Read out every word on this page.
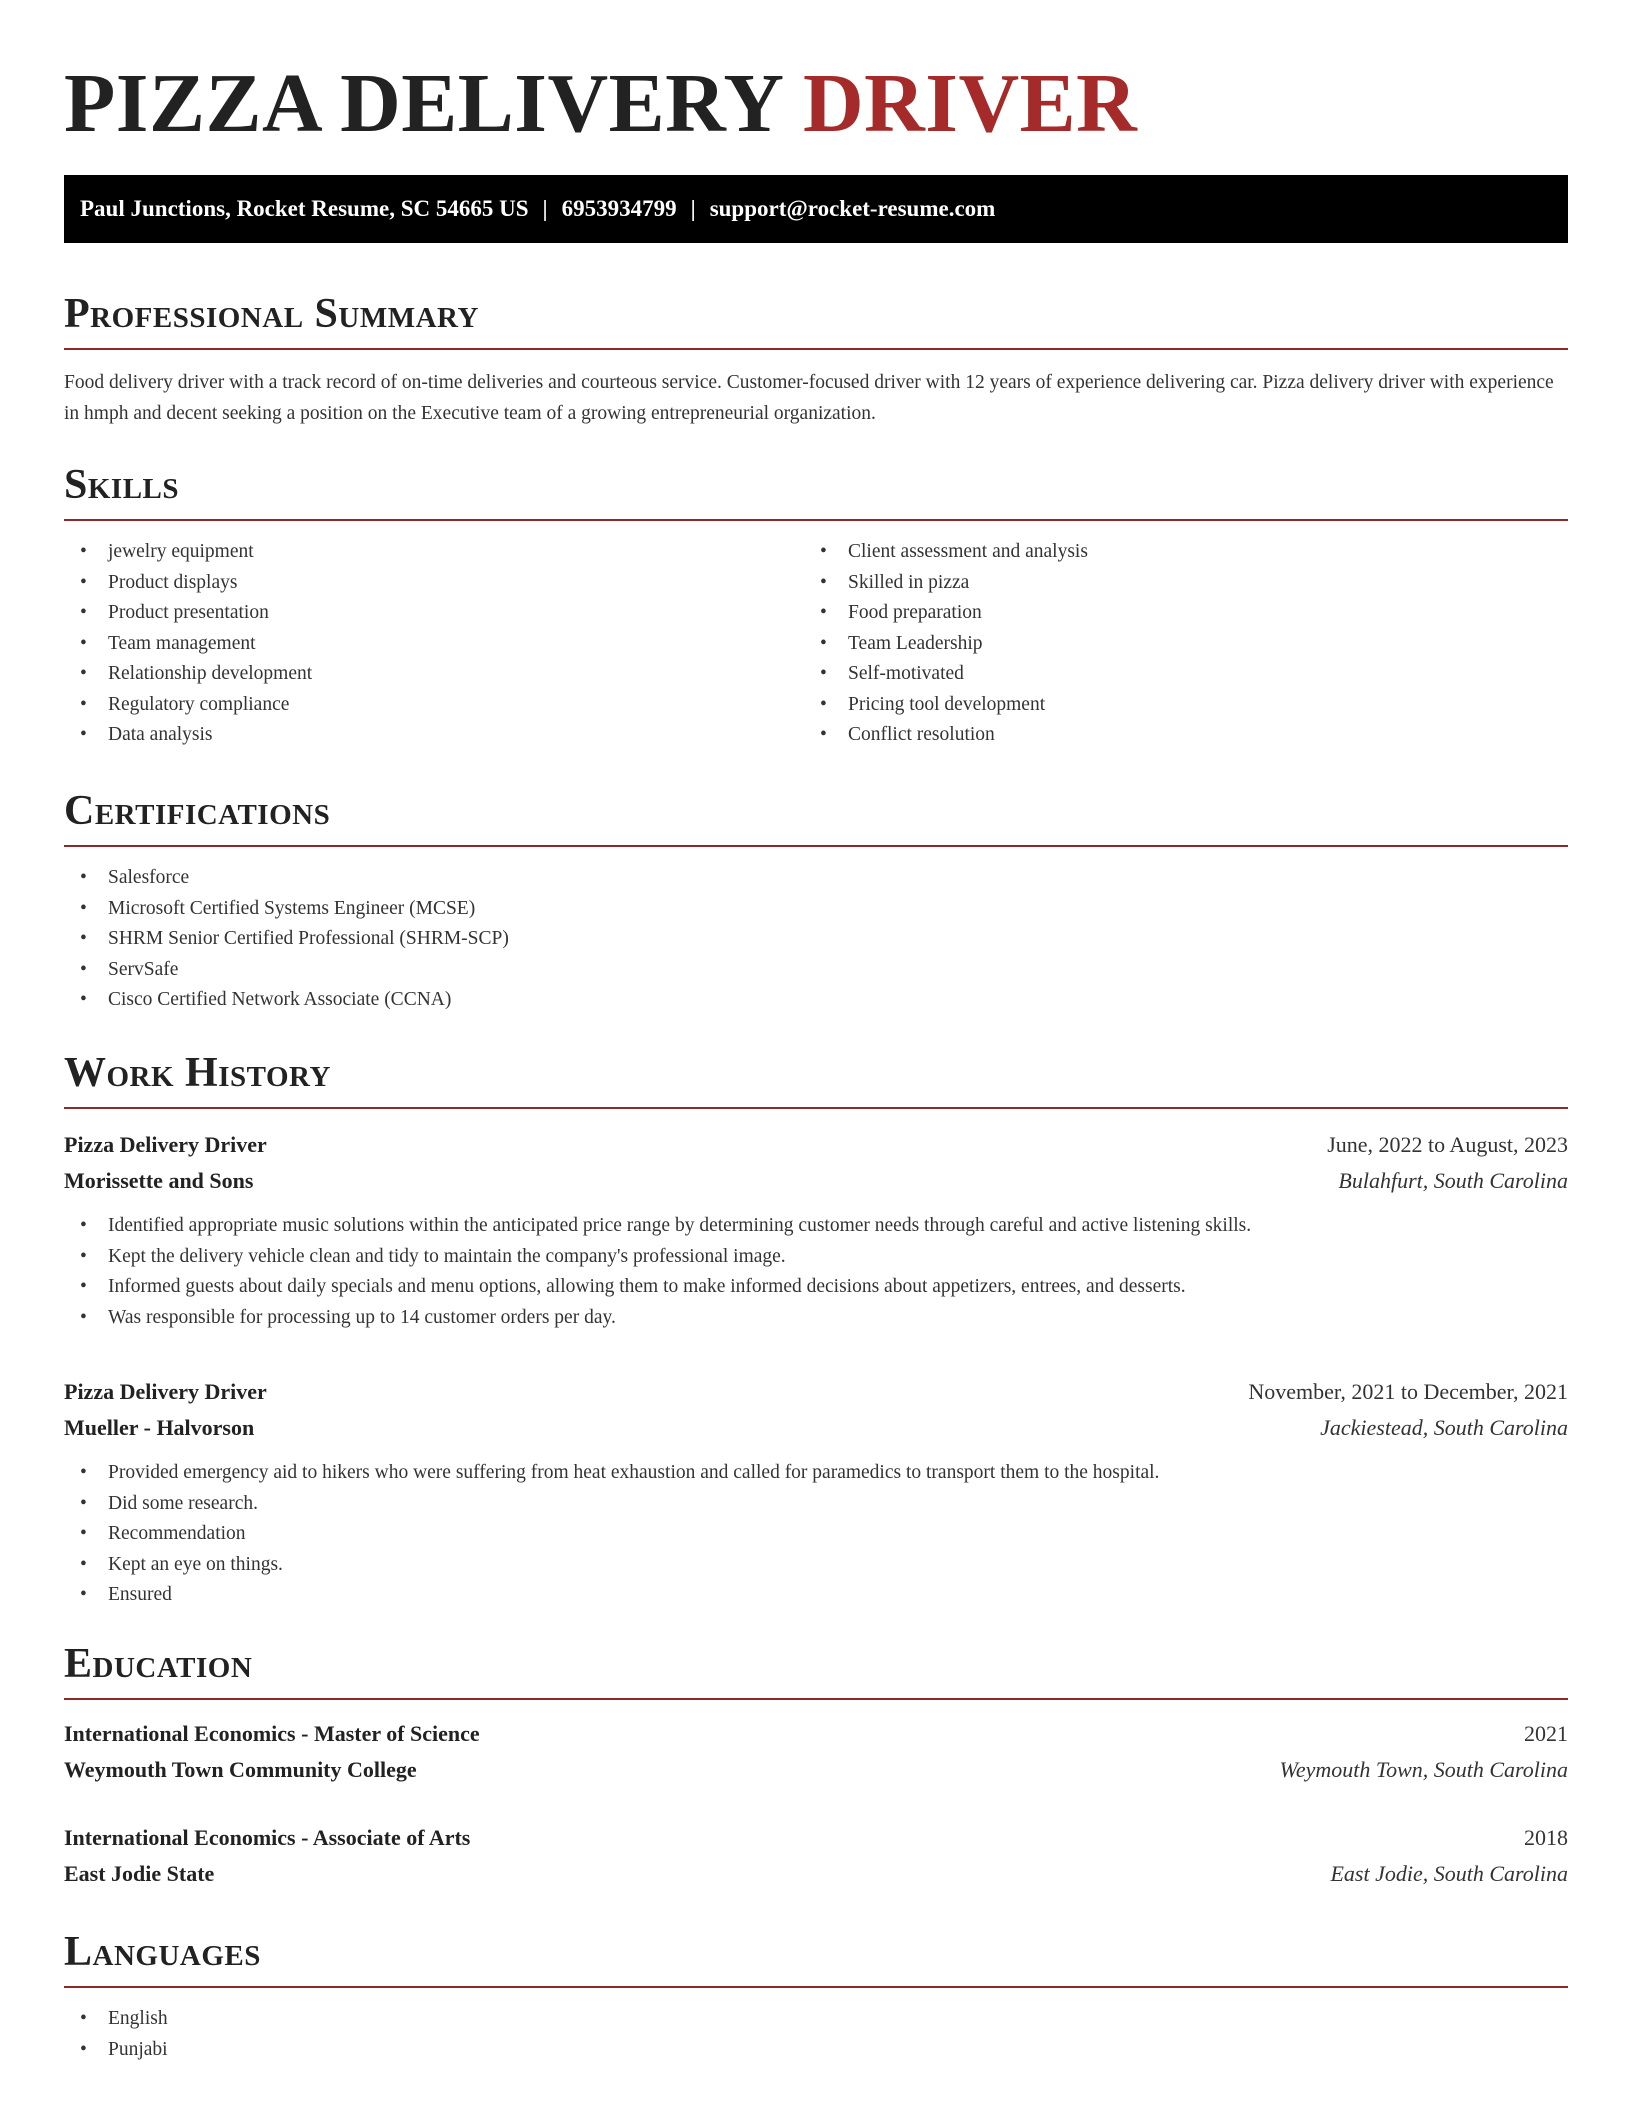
PIZZA DELIVERY DRIVER
Paul Junctions, Rocket Resume, SC 54665 US | 6953934799 | support@rocket-resume.com
Professional Summary

Food delivery driver with a track record of on-time deliveries and courteous service. Customer-focused driver with 12 years of experience delivering car. Pizza delivery driver with experience in hmph and decent seeking a position on the Executive team of a growing entrepreneurial organization.

Skills
• jewelry equipment
• Product displays
• Product presentation
• Team management
• Relationship development
• Regulatory compliance
• Data analysis
• Client assessment and analysis
• Skilled in pizza
• Food preparation
• Team Leadership
• Self-motivated
• Pricing tool development
• Conflict resolution
Certifications
• Salesforce
• Microsoft Certified Systems Engineer (MCSE)
• SHRM Senior Certified Professional (SHRM-SCP)
• ServSafe
• Cisco Certified Network Associate (CCNA)
Work History
Pizza Delivery Driver	June, 2022 to August, 2023
Morissette and Sons	Bulahfurt, South Carolina
• Identified appropriate music solutions within the anticipated price range by determining customer needs through careful and active listening skills.
• Kept the delivery vehicle clean and tidy to maintain the company's professional image.
• Informed guests about daily specials and menu options, allowing them to make informed decisions about appetizers, entrees, and desserts.
• Was responsible for processing up to 14 customer orders per day.
Pizza Delivery Driver	November, 2021 to December, 2021
Mueller - Halvorson	Jackiestead, South Carolina
• Provided emergency aid to hikers who were suffering from heat exhaustion and called for paramedics to transport them to the hospital.
• Did some research.
• Recommendation
• Kept an eye on things.
• Ensured
Education
International Economics - Master of Science	2021
Weymouth Town Community College	Weymouth Town, South Carolina
International Economics - Associate of Arts	2018
East Jodie State	East Jodie, South Carolina
Languages
• English
• Punjabi
